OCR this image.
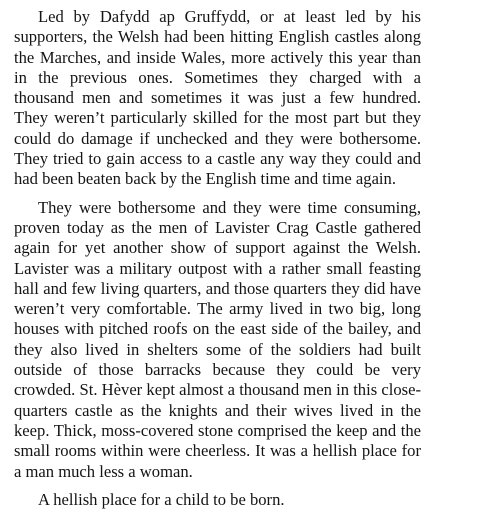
Led by Dafydd ap Gruffydd, or at least led by his supporters, the Welsh had been hitting English castles along the Marches, and inside Wales, more actively this year than in the previous ones. Sometimes they charged with a thousand men and sometimes it was just a few hundred. They weren’t particularly skilled for the most part but they could do damage if unchecked and they were bothersome. They tried to gain access to a castle any way they could and had been beaten back by the English time and time again.

They were bothersome and they were time consuming, proven today as the men of Lavister Crag Castle gathered again for yet another show of support against the Welsh. Lavister was a military outpost with a rather small feasting hall and few living quarters, and those quarters they did have weren’t very comfortable. The army lived in two big, long houses with pitched roofs on the east side of the bailey, and they also lived in shelters some of the soldiers had built outside of those barracks because they could be very crowded. St. Hèver kept almost a thousand men in this close-quarters castle as the knights and their wives lived in the keep. Thick, moss-covered stone comprised the keep and the small rooms within were cheerless. It was a hellish place for a man much less a woman.

A hellish place for a child to be born.
